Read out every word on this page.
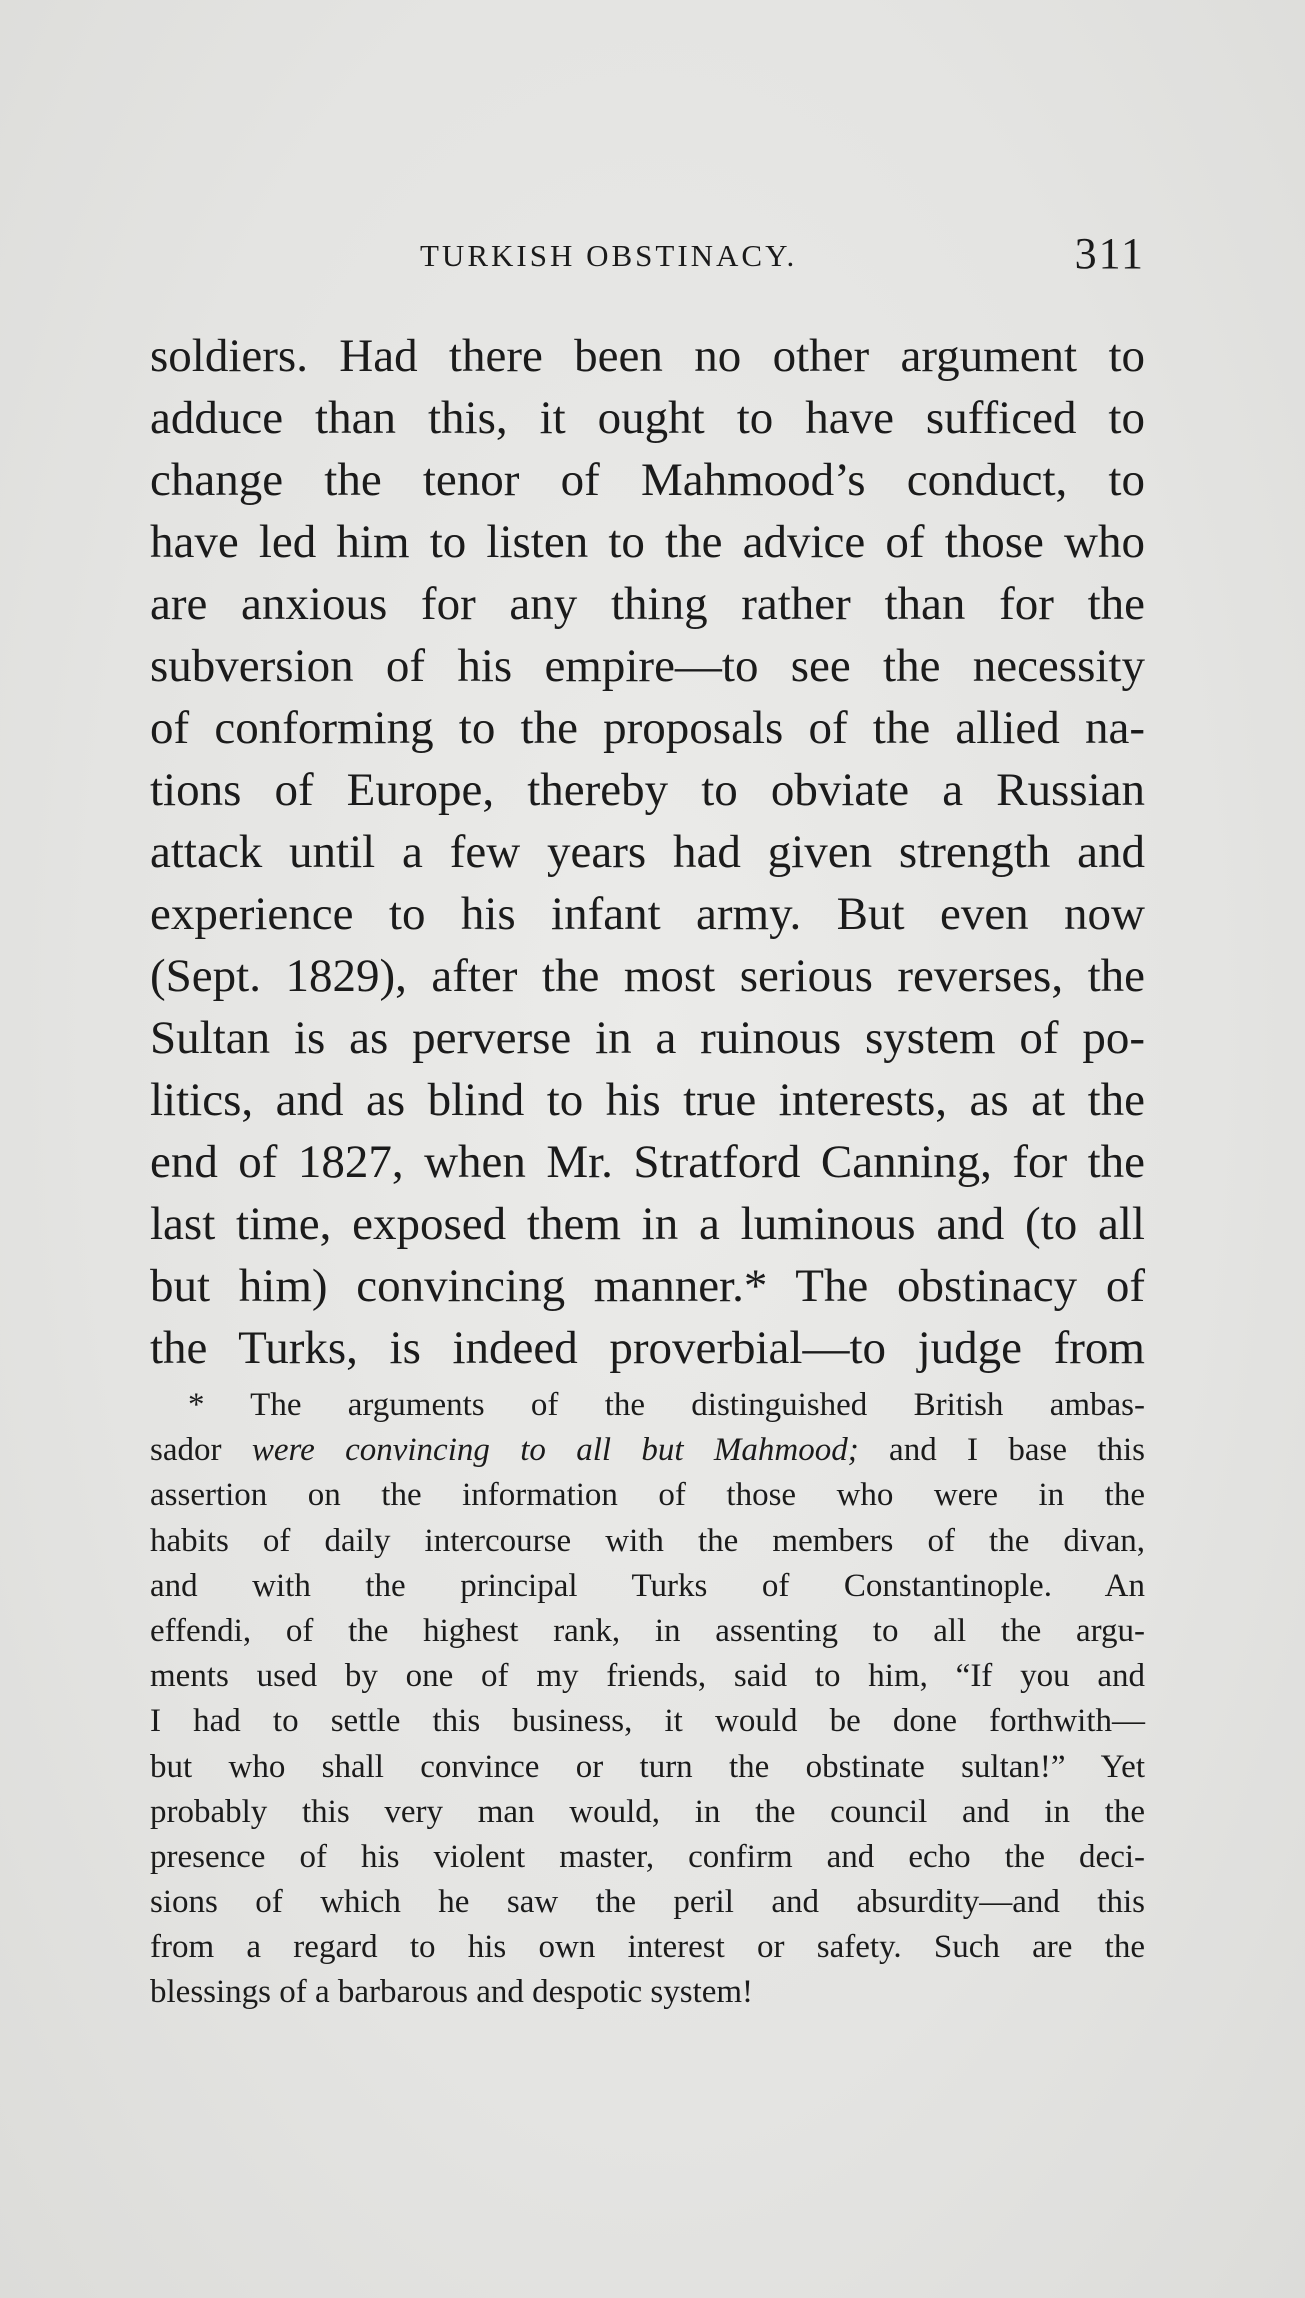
TURKISH OBSTINACY.	311
soldiers. Had there been no other argument to
adduce than this, it ought to have sufficed to
change the tenor of Mahmood’s conduct, to
have led him to listen to the advice of those who
are anxious for any thing rather than for the
subversion of his empire—to see the necessity
of conforming to the proposals of the allied na-
tions of Europe, thereby to obviate a Russian
attack until a few years had given strength and
experience to his infant army. But even now
(Sept. 1829), after the most serious reverses, the
Sultan is as perverse in a ruinous system of po-
litics, and as blind to his true interests, as at the
end of 1827, when Mr. Stratford Canning, for the
last time, exposed them in a luminous and (to all
but him) convincing manner.* The obstinacy of
the Turks, is indeed proverbial—to judge from
* The arguments of the distinguished British ambas-
sador were convincing to all but Mahmood; and I base this
assertion on the information of those who were in the
habits of daily intercourse with the members of the divan,
and with the principal Turks of Constantinople. An
effendi, of the highest rank, in assenting to all the argu-
ments used by one of my friends, said to him, “If you and
I had to settle this business, it would be done forthwith—
but who shall convince or turn the obstinate sultan!” Yet
probably this very man would, in the council and in the
presence of his violent master, confirm and echo the deci-
sions of which he saw the peril and absurdity—and this
from a regard to his own interest or safety. Such are the
blessings of a barbarous and despotic system!
